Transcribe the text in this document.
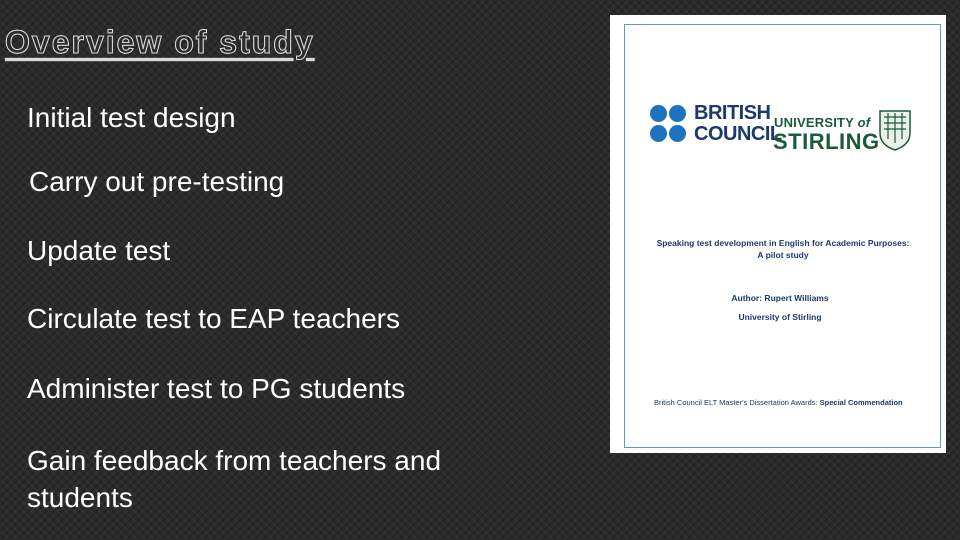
Overview of study
Initial test design
Carry out pre-testing
Update test
Circulate test to EAP teachers
Administer test to PG students
Gain feedback from teachers and students
BRITISH
COUNCIL
UNIVERSITY of
STIRLING
Speaking test development in English for Academic Purposes: A pilot study
Author: Rupert Williams
University of Stirling
British Council ELT Master's Dissertation Awards: Special Commendation
